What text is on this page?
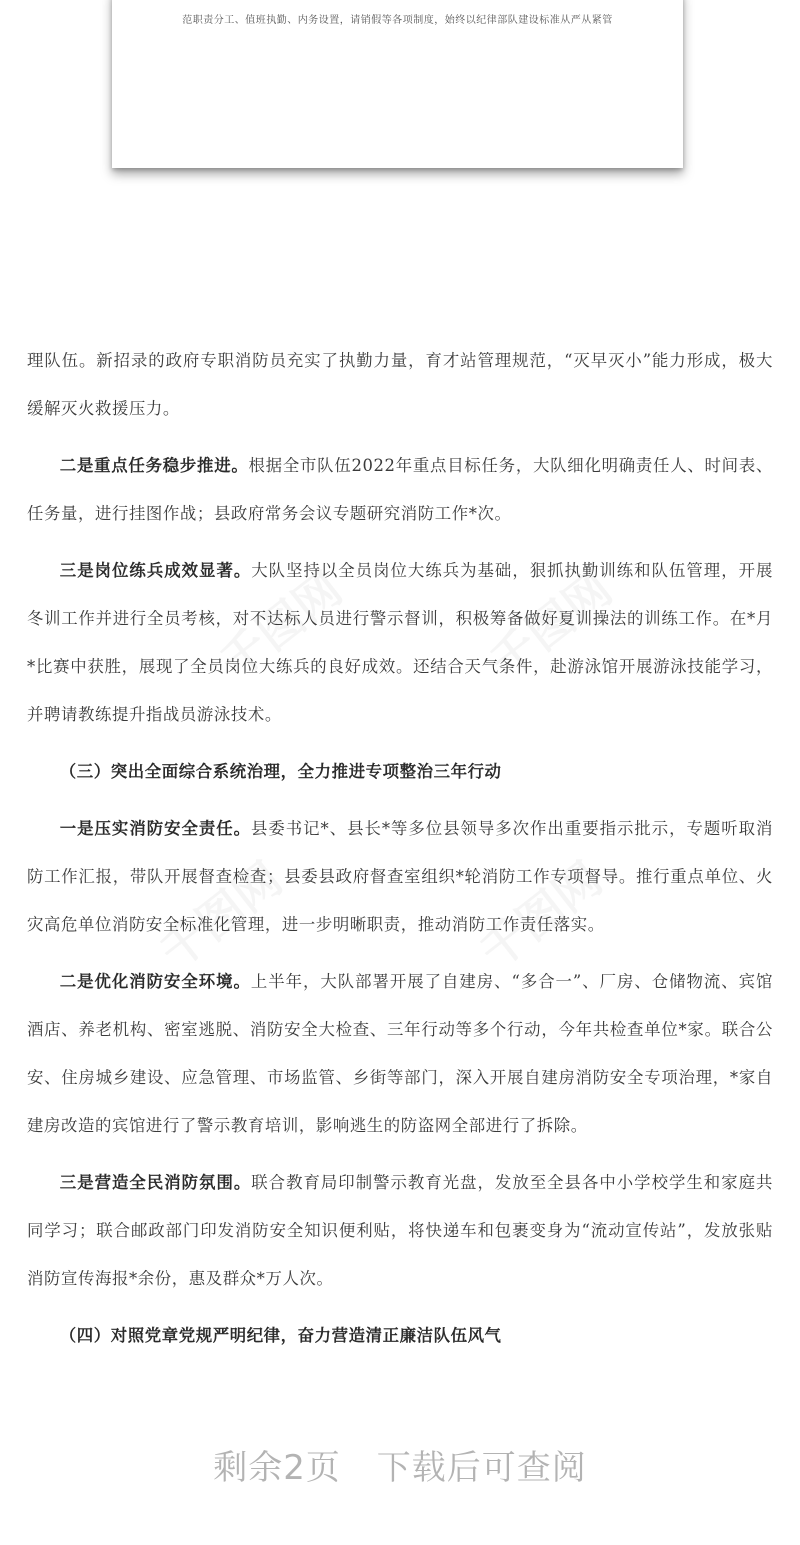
范职责分工、值班执勤、内务设置，请销假等各项制度，始终以纪律部队建设标准从严从紧管
千图网	千图网
千图网	千图网

理队伍。新招录的政府专职消防员充实了执勤力量，育才站管理规范，“灭早灭小”能力形成，极大缓解灭火救援压力。

二是重点任务稳步推进。根据全市队伍2022年重点目标任务，大队细化明确责任人、时间表、任务量，进行挂图作战；县政府常务会议专题研究消防工作*次。

三是岗位练兵成效显著。大队坚持以全员岗位大练兵为基础，狠抓执勤训练和队伍管理，开展冬训工作并进行全员考核，对不达标人员进行警示督训，积极筹备做好夏训操法的训练工作。在*月*比赛中获胜，展现了全员岗位大练兵的良好成效。还结合天气条件，赴游泳馆开展游泳技能学习，并聘请教练提升指战员游泳技术。

（三）突出全面综合系统治理，全力推进专项整治三年行动

一是压实消防安全责任。县委书记*、县长*等多位县领导多次作出重要指示批示，专题听取消防工作汇报，带队开展督查检查；县委县政府督查室组织*轮消防工作专项督导。推行重点单位、火灾高危单位消防安全标准化管理，进一步明晰职责，推动消防工作责任落实。

二是优化消防安全环境。上半年，大队部署开展了自建房、“多合一”、厂房、仓储物流、宾馆酒店、养老机构、密室逃脱、消防安全大检查、三年行动等多个行动，今年共检查单位*家。联合公安、住房城乡建设、应急管理、市场监管、乡街等部门，深入开展自建房消防安全专项治理，*家自建房改造的宾馆进行了警示教育培训，影响逃生的防盗网全部进行了拆除。

三是营造全民消防氛围。联合教育局印制警示教育光盘，发放至全县各中小学校学生和家庭共同学习；联合邮政部门印发消防安全知识便利贴，将快递车和包裹变身为“流动宣传站”，发放张贴消防宣传海报*余份，惠及群众*万人次。

（四）对照党章党规严明纪律，奋力营造清正廉洁队伍风气

剩余2页 下载后可查阅
